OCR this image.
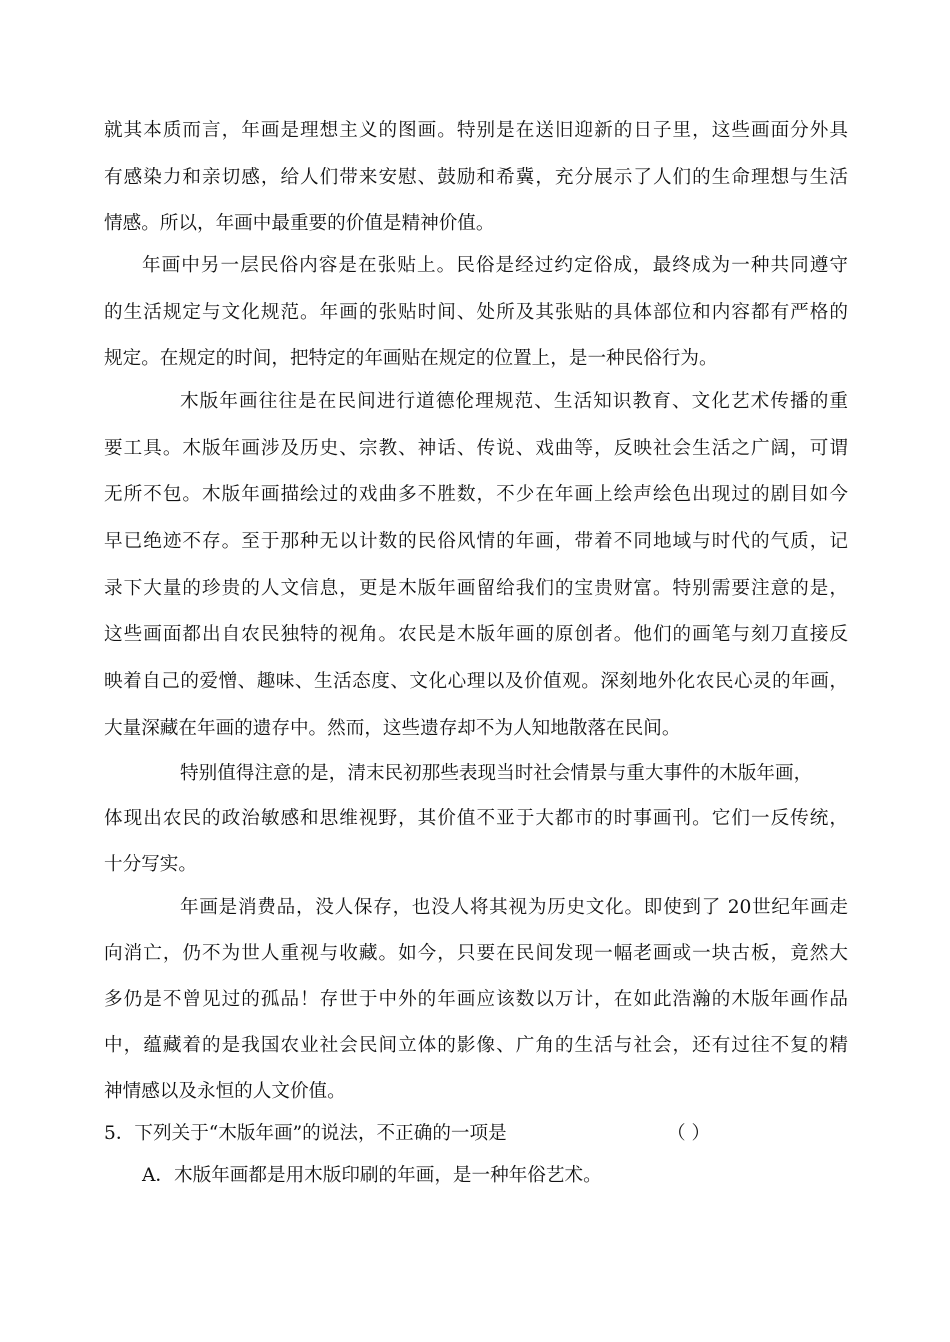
就其本质而言，年画是理想主义的图画。特别是在送旧迎新的日子里，这些画面分外具
有感染力和亲切感，给人们带来安慰、鼓励和希冀，充分展示了人们的生命理想与生活
情感。所以，年画中最重要的价值是精神价值。
年画中另一层民俗内容是在张贴上。民俗是经过约定俗成，最终成为一种共同遵守
的生活规定与文化规范。年画的张贴时间、处所及其张贴的具体部位和内容都有严格的
规定。在规定的时间，把特定的年画贴在规定的位置上，是一种民俗行为。
木版年画往往是在民间进行道德伦理规范、生活知识教育、文化艺术传播的重
要工具。木版年画涉及历史、宗教、神话、传说、戏曲等，反映社会生活之广阔，可谓
无所不包。木版年画描绘过的戏曲多不胜数，不少在年画上绘声绘色出现过的剧目如今
早已绝迹不存。至于那种无以计数的民俗风情的年画，带着不同地域与时代的气质，记
录下大量的珍贵的人文信息，更是木版年画留给我们的宝贵财富。特别需要注意的是，
这些画面都出自农民独特的视角。农民是木版年画的原创者。他们的画笔与刻刀直接反
映着自己的爱憎、趣味、生活态度、文化心理以及价值观。深刻地外化农民心灵的年画，
大量深藏在年画的遗存中。然而，这些遗存却不为人知地散落在民间。
特别值得注意的是，清末民初那些表现当时社会情景与重大事件的木版年画，
体现出农民的政治敏感和思维视野，其价值不亚于大都市的时事画刊。它们一反传统，
十分写实。
年画是消费品，没人保存，也没人将其视为历史文化。即使到了 20世纪年画走
向消亡，仍不为世人重视与收藏。如今，只要在民间发现一幅老画或一块古板，竟然大
多仍是不曾见过的孤品！存世于中外的年画应该数以万计，在如此浩瀚的木版年画作品
中，蕴藏着的是我国农业社会民间立体的影像、广角的生活与社会，还有过往不复的精
神情感以及永恒的人文价值。
5．下列关于“木版年画”的说法，不正确的一项是	（ ）
A．木版年画都是用木版印刷的年画，是一种年俗艺术。
